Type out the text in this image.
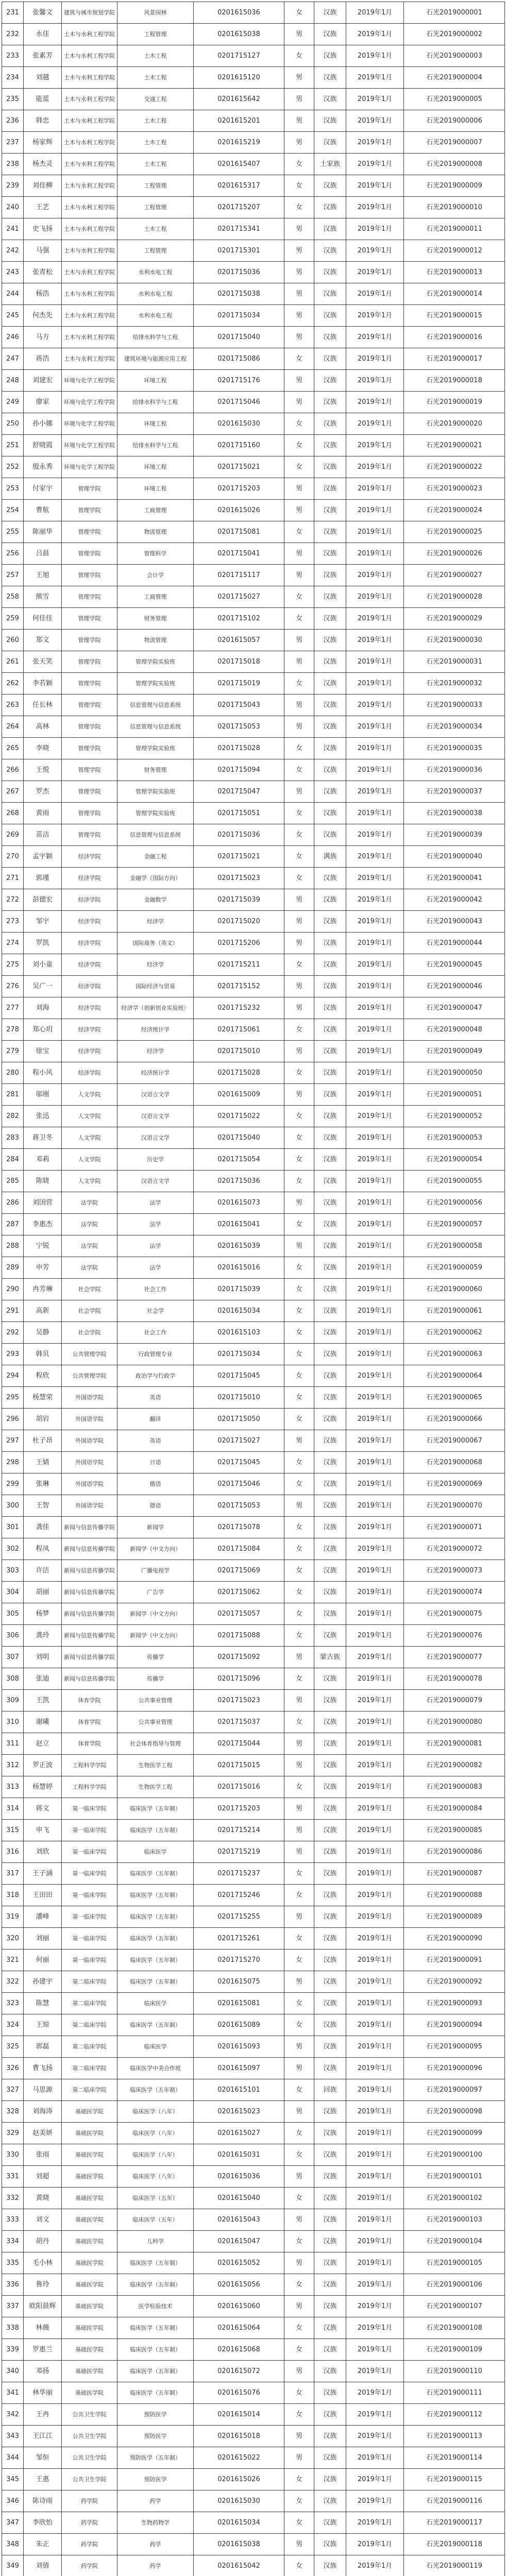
231	张馨文	建筑与城市规划学院	风景园林	0201615036	女	汉族	2019年1月	石光2019000001
232	水佳	土木与水利工程学院	工程管理	0201615038	男	汉族	2019年1月	石光2019000002
233	张素芳	土木与水利工程学院	土木工程	0201715127	女	汉族	2019年1月	石光2019000003
234	刘越	土木与水利工程学院	土木工程	0201615120	男	汉族	2019年1月	石光2019000004
235	能蓝	土木与水利工程学院	交通工程	0201615642	男	汉族	2019年1月	石光2019000005
236	韩忠	土木与水利工程学院	土木工程	0201615201	男	汉族	2019年1月	石光2019000006
237	杨家辉	土木与水利工程学院	土木工程	0201615219	男	汉族	2019年1月	石光2019000007
238	杨杰灵	土木与水利工程学院	土木工程	0201615407	女	土家族	2019年1月	石光2019000008
239	刘佳柳	土木与水利工程学院	工程管理	0201615317	女	汉族	2019年1月	石光2019000009
240	王艺	土木与水利工程学院	工程管理	0201715207	女	汉族	2019年1月	石光2019000010
241	史飞扬	土木与水利工程学院	土木工程	0201715341	男	汉族	2019年1月	石光2019000011
242	马强	土木与水利工程学院	工程管理	0201715301	男	汉族	2019年1月	石光2019000012
243	张青松	土木与水利工程学院	水利水电工程	0201715036	男	汉族	2019年1月	石光2019000013
244	杨浩	土木与水利工程学院	水利水电工程	0201715038	男	汉族	2019年1月	石光2019000014
245	何杰先	土木与水利工程学院	水利水电工程	0201715034	男	汉族	2019年1月	石光2019000015
246	马方	土木与水利工程学院	给排水科学与工程	0201715040	男	汉族	2019年1月	石光2019000016
247	蒋浩	土木与水利工程学院	建筑环境与能源应用工程	0201715086	女	汉族	2019年1月	石光2019000017
248	刘建宏	环境与化学工程学院	环境工程	0201715176	男	汉族	2019年1月	石光2019000018
249	廖家	环境与化学工程学院	给排水科学与工程	0201715046	男	汉族	2019年1月	石光2019000019
250	孙小娜	环境与化学工程学院	环境工程	0201615030	女	汉族	2019年1月	石光2019000020
251	舒晓霞	环境与化学工程学院	给排水科学与工程	0201715160	女	汉族	2019年1月	石光2019000021
252	殷永秀	环境与化学工程学院	环境工程	0201715021	女	汉族	2019年1月	石光2019000022
253	付家宇	管理学院	环境工程	0201715203	男	汉族	2019年1月	石光2019000023
254	曹航	管理学院	工商管理	0201615026	男	汉族	2019年1月	石光2019000024
255	陈丽华	管理学院	物流管理	0201715081	女	汉族	2019年1月	石光2019000025
256	吕晨	管理学院	管理科学	0201715041	男	汉族	2019年1月	石光2019000026
257	王旭	管理学院	会计学	0201715117	男	汉族	2019年1月	石光2019000027
258	熊雪	管理学院	工商管理	0201715027	女	汉族	2019年1月	石光2019000028
259	何佳佳	管理学院	财务管理	0201715102	女	汉族	2019年1月	石光2019000029
260	郑文	管理学院	物流管理	0201615057	男	汉族	2019年1月	石光2019000030
261	张天笑	管理学院	管理学院实验班	0201715018	男	汉族	2019年1月	石光2019000031
262	李若颖	管理学院	管理学院实验班	0201715019	女	汉族	2019年1月	石光2019000032
263	任长林	管理学院	信息管理与信息系统	0201715043	男	汉族	2019年1月	石光2019000033
264	高林	管理学院	信息管理与信息系统	0201715053	男	汉族	2019年1月	石光2019000034
265	李晓	管理学院	管理学院实验班	0201715028	女	汉族	2019年1月	石光2019000035
266	王悦	管理学院	财务管理	0201715094	女	汉族	2019年1月	石光2019000036
267	罗杰	管理学院	管理学院实验班	0201715047	男	汉族	2019年1月	石光2019000037
268	黄雨	管理学院	管理学院实验班	0201715051	女	汉族	2019年1月	石光2019000038
269	苗洁	管理学院	信息管理与信息系统	0201715036	女	汉族	2019年1月	石光2019000039
270	孟宇颖	经济学院	金融工程	0201715021	女	满族	2019年1月	石光2019000040
271	郭瑾	经济学院	金融学（国际方向）	0201715023	女	汉族	2019年1月	石光2019000041
272	彭德宏	经济学院	金融数学	0201715039	男	汉族	2019年1月	石光2019000042
273	邹宇	经济学院	经济学	0201715020	男	汉族	2019年1月	石光2019000043
274	罗凯	经济学院	国际商务（英文）	0201715206	男	汉族	2019年1月	石光2019000044
275	刘小童	经济学院	经济学	0201715211	女	汉族	2019年1月	石光2019000045
276	吴广一	经济学院	国际经济与贸易	0201715152	男	汉族	2019年1月	石光2019000046
277	刘海	经济学院	经济学（创新创业实验班）	0201715232	男	汉族	2019年1月	石光2019000047
278	郑心玥	经济学院	经济统计学	0201715061	女	汉族	2019年1月	石光2019000048
279	徐宝	经济学院	经济学	0201715010	男	汉族	2019年1月	石光2019000049
280	程小风	经济学院	经济统计学	0201715028	女	汉族	2019年1月	石光2019000050
281	邬刚	人文学院	汉语言文学	0201615009	男	汉族	2019年1月	石光2019000051
282	张迅	人文学院	汉语言文学	0201715022	女	汉族	2019年1月	石光2019000052
283	蒋卫冬	人文学院	汉语言文学	0201715040	女	汉族	2019年1月	石光2019000053
284	邓莉	人文学院	历史学	0201715054	女	汉族	2019年1月	石光2019000054
285	陈晓	人文学院	汉语言文学	0201715036	女	汉族	2019年1月	石光2019000055
286	刘国营	法学院	法学	0201615073	男	汉族	2019年1月	石光2019000056
287	李惠杰	法学院	法学	0201615041	女	汉族	2019年1月	石光2019000057
288	宁锐	法学院	法学	0201615039	男	汉族	2019年1月	石光2019000058
289	申芳	法学院	法学	0201615016	女	汉族	2019年1月	石光2019000059
290	冉芳琳	社会学院	社会工作	0201715039	女	汉族	2019年1月	石光2019000060
291	高新	社会学院	社会学	0201615034	女	汉族	2019年1月	石光2019000061
292	吴静	社会学院	社会工作	0201615103	女	汉族	2019年1月	石光2019000062
293	韩贝	公共管理学院	行政管理专业	0201715034	女	汉族	2019年1月	石光2019000063
294	程欣	公共管理学院	政治学与行政学	0201715045	女	汉族	2019年1月	石光2019000064
295	杨慧荣	外国语学院	英语	0201715010	女	汉族	2019年1月	石光2019000065
296	胡岩	外国语学院	翻译	0201715050	女	汉族	2019年1月	石光2019000066
297	杜子昂	外国语学院	英语	0201715027	男	汉族	2019年1月	石光2019000067
298	王婧	外国语学院	日语	0201715045	女	汉族	2019年1月	石光2019000068
299	张琳	外国语学院	俄语	0201715046	女	汉族	2019年1月	石光2019000069
300	王智	外国语学院	德语	0201715053	男	汉族	2019年1月	石光2019000070
301	龚佳	新闻与信息传播学院	新闻学	0201715078	女	汉族	2019年1月	石光2019000071
302	程凤	新闻与信息传播学院	新闻学（中文方向）	0201715084	女	汉族	2019年1月	石光2019000072
303	许洁	新闻与信息传播学院	广播电视学	0201715069	女	汉族	2019年1月	石光2019000073
304	胡丽	新闻与信息传播学院	广告学	0201715062	女	汉族	2019年1月	石光2019000074
305	杨梦	新闻与信息传播学院	新闻学（中文方向）	0201715057	女	汉族	2019年1月	石光2019000075
306	龚玲	新闻与信息传播学院	新闻学（中文方向）	0201715088	女	汉族	2019年1月	石光2019000076
307	刘明	新闻与信息传播学院	传播学	0201715092	男	蒙古族	2019年1月	石光2019000077
308	张迪	新闻与信息传播学院	传播学	0201715096	女	汉族	2019年1月	石光2019000078
309	王凯	体育学院	公共事业管理	0201715023	男	汉族	2019年1月	石光2019000079
310	谢曦	体育学院	公共事业管理	0201715037	女	汉族	2019年1月	石光2019000080
311	赵立	体育学院	社会体育指导与管理	0201715044	男	汉族	2019年1月	石光2019000081
312	罗正波	工程科学学院	生物医学工程	0201715015	男	汉族	2019年1月	石光2019000082
313	杨慧婷	工程科学学院	生物医学工程	0201715016	女	汉族	2019年1月	石光2019000083
314	蒋文	第一临床学院	临床医学（五年制）	0201715203	男	汉族	2019年1月	石光2019000084
315	申飞	第一临床学院	临床医学（五年制）	0201715214	男	汉族	2019年1月	石光2019000085
316	刘欣	第一临床学院	临床医学	0201715219	男	汉族	2019年1月	石光2019000086
317	王子涵	第一临床学院	临床医学（五年制）	0201715237	女	汉族	2019年1月	石光2019000087
318	王田田	第一临床学院	临床医学（五年制）	0201715246	女	汉族	2019年1月	石光2019000088
319	潘峰	第一临床学院	临床医学（五年制）	0201715255	男	汉族	2019年1月	石光2019000089
320	刘丽	第一临床学院	临床医学（五年制）	0201715261	女	汉族	2019年1月	石光2019000090
321	何丽	第一临床学院	临床医学（五年制）	0201715270	女	汉族	2019年1月	石光2019000091
322	孙建宇	第二临床学院	临床医学（五年制）	0201615075	男	汉族	2019年1月	石光2019000092
323	陈慧	第二临床学院	临床医学	0201615081	女	汉族	2019年1月	石光2019000093
324	王琼	第二临床学院	临床医学（五年制）	0201615089	女	汉族	2019年1月	石光2019000094
325	郭磊	第二临床学院	临床医学	0201615093	男	汉族	2019年1月	石光2019000095
326	曹飞扬	第二临床学院	临床医学中美合作班	0201615097	男	汉族	2019年1月	石光2019000096
327	马思源	第二临床学院	临床医学（五年制）	0201615101	女	回族	2019年1月	石光2019000097
328	刘海涛	基础医学院	临床医学（八年）	0201615023	男	汉族	2019年1月	石光2019000098
329	赵美妍	基础医学院	临床医学（八年）	0201615027	女	汉族	2019年1月	石光2019000099
330	张雨	基础医学院	临床医学（八年）	0201615031	女	汉族	2019年1月	石光2019000100
331	刘超	基础医学院	临床医学（八年）	0201615036	男	汉族	2019年1月	石光2019000101
332	黄晓	基础医学院	临床医学（五年）	0201615040	女	汉族	2019年1月	石光2019000102
333	刘文	基础医学院	临床医学（五年）	0201615043	男	汉族	2019年1月	石光2019000103
334	胡丹	基础医学院	儿科学	0201615047	女	汉族	2019年1月	石光2019000104
335	毛小林	基础医学院	临床医学（五年制）	0201615052	男	汉族	2019年1月	石光2019000105
336	鲁玲	基础医学院	临床医学（五年制）	0201615056	女	汉族	2019年1月	石光2019000106
337	欧阳晨辉	基础医学院	医学检验技术	0201615060	男	汉族	2019年1月	石光2019000107
338	林薇	基础医学院	临床医学（五年制）	0201615064	女	汉族	2019年1月	石光2019000108
339	罗惠兰	基础医学院	临床医学（五年制）	0201615068	女	汉族	2019年1月	石光2019000109
340	邓扬	基础医学院	临床医学（五年制）	0201615072	男	汉族	2019年1月	石光2019000110
341	林华丽	基础医学院	临床医学（五年制）	0201615076	女	汉族	2019年1月	石光2019000111
342	王冉	公共卫生学院	预防医学	0201615014	女	汉族	2019年1月	石光2019000112
343	王江江	公共卫生学院	预防医学	0201615018	男	汉族	2019年1月	石光2019000113
344	邹恒	公共卫生学院	预防医学（五年制）	0201615022	男	汉族	2019年1月	石光2019000114
345	王惠	公共卫生学院	预防医学	0201615026	女	汉族	2019年1月	石光2019000115
346	陈诗雨	药学院	药学	0201615030	女	汉族	2019年1月	石光2019000116
347	李欣怡	药学院	生物药物学	0201615034	女	汉族	2019年1月	石光2019000117
348	朱正	药学院	药学	0201615038	男	汉族	2019年1月	石光2019000118
349	刘倩	药学院	药学	0201615042	女	汉族	2019年1月	石光2019000119
